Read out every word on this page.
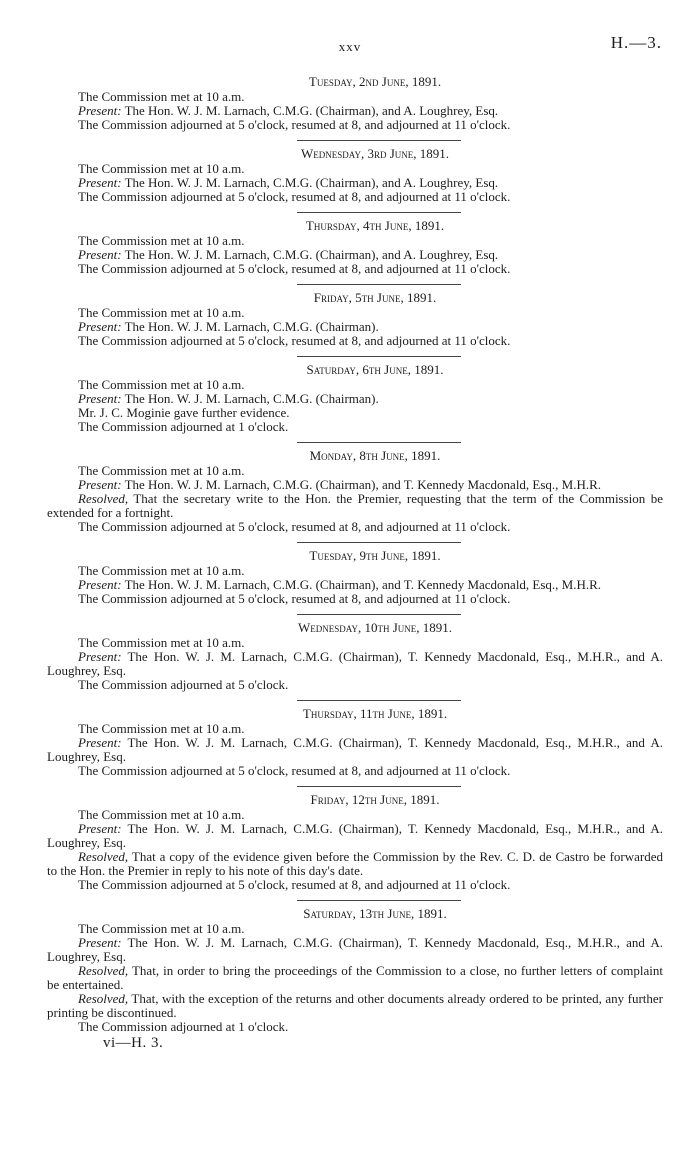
xxv	H.—3.
Tuesday, 2nd June, 1891.

The Commission met at 10 a.m.

Present: The Hon. W. J. M. Larnach, C.M.G. (Chairman), and A. Loughrey, Esq.

The Commission adjourned at 5 o'clock, resumed at 8, and adjourned at 11 o'clock.

Wednesday, 3rd June, 1891.

The Commission met at 10 a.m.

Present: The Hon. W. J. M. Larnach, C.M.G. (Chairman), and A. Loughrey, Esq.

The Commission adjourned at 5 o'clock, resumed at 8, and adjourned at 11 o'clock.

Thursday, 4th June, 1891.

The Commission met at 10 a.m.

Present: The Hon. W. J. M. Larnach, C.M.G. (Chairman), and A. Loughrey, Esq.

The Commission adjourned at 5 o'clock, resumed at 8, and adjourned at 11 o'clock.

Friday, 5th June, 1891.

The Commission met at 10 a.m.

Present: The Hon. W. J. M. Larnach, C.M.G. (Chairman).

The Commission adjourned at 5 o'clock, resumed at 8, and adjourned at 11 o'clock.

Saturday, 6th June, 1891.

The Commission met at 10 a.m.

Present: The Hon. W. J. M. Larnach, C.M.G. (Chairman).

Mr. J. C. Moginie gave further evidence.

The Commission adjourned at 1 o'clock.

Monday, 8th June, 1891.

The Commission met at 10 a.m.

Present: The Hon. W. J. M. Larnach, C.M.G. (Chairman), and T. Kennedy Macdonald, Esq., M.H.R.

Resolved, That the secretary write to the Hon. the Premier, requesting that the term of the Commission be extended for a fortnight.

The Commission adjourned at 5 o'clock, resumed at 8, and adjourned at 11 o'clock.

Tuesday, 9th June, 1891.

The Commission met at 10 a.m.

Present: The Hon. W. J. M. Larnach, C.M.G. (Chairman), and T. Kennedy Macdonald, Esq., M.H.R.

The Commission adjourned at 5 o'clock, resumed at 8, and adjourned at 11 o'clock.

Wednesday, 10th June, 1891.

The Commission met at 10 a.m.

Present: The Hon. W. J. M. Larnach, C.M.G. (Chairman), T. Kennedy Macdonald, Esq., M.H.R., and A. Loughrey, Esq.

The Commission adjourned at 5 o'clock.

Thursday, 11th June, 1891.

The Commission met at 10 a.m.

Present: The Hon. W. J. M. Larnach, C.M.G. (Chairman), T. Kennedy Macdonald, Esq., M.H.R., and A. Loughrey, Esq.

The Commission adjourned at 5 o'clock, resumed at 8, and adjourned at 11 o'clock.

Friday, 12th June, 1891.

The Commission met at 10 a.m.

Present: The Hon. W. J. M. Larnach, C.M.G. (Chairman), T. Kennedy Macdonald, Esq., M.H.R., and A. Loughrey, Esq.

Resolved, That a copy of the evidence given before the Commission by the Rev. C. D. de Castro be forwarded to the Hon. the Premier in reply to his note of this day's date.

The Commission adjourned at 5 o'clock, resumed at 8, and adjourned at 11 o'clock.

Saturday, 13th June, 1891.

The Commission met at 10 a.m.

Present: The Hon. W. J. M. Larnach, C.M.G. (Chairman), T. Kennedy Macdonald, Esq., M.H.R., and A. Loughrey, Esq.

Resolved, That, in order to bring the proceedings of the Commission to a close, no further letters of complaint be entertained.

Resolved, That, with the exception of the returns and other documents already ordered to be printed, any further printing be discontinued.

The Commission adjourned at 1 o'clock.

vi—H. 3.
